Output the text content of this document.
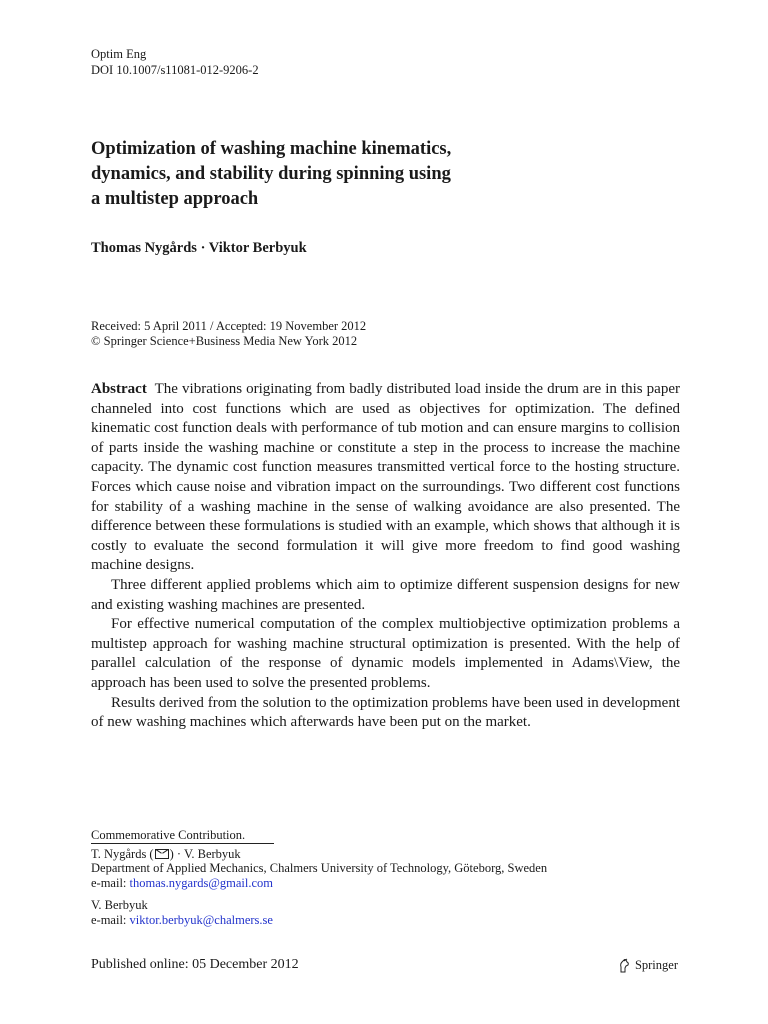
Optim Eng
DOI 10.1007/s11081-012-9206-2
Optimization of washing machine kinematics,
dynamics, and stability during spinning using
a multistep approach
Thomas Nygårds · Viktor Berbyuk
Received: 5 April 2011 / Accepted: 19 November 2012
© Springer Science+Business Media New York 2012

Abstract The vibrations originating from badly distributed load inside the drum are in this paper channeled into cost functions which are used as objectives for optimization. The defined kinematic cost function deals with performance of tub motion and can ensure margins to collision of parts inside the washing machine or constitute a step in the process to increase the machine capacity. The dynamic cost function measures transmitted vertical force to the hosting structure. Forces which cause noise and vibration impact on the surroundings. Two different cost functions for stability of a washing machine in the sense of walking avoidance are also presented. The difference between these formulations is studied with an example, which shows that although it is costly to evaluate the second formulation it will give more freedom to find good washing machine designs.

Three different applied problems which aim to optimize different suspension designs for new and existing washing machines are presented.

For effective numerical computation of the complex multiobjective optimization problems a multistep approach for washing machine structural optimization is presented. With the help of parallel calculation of the response of dynamic models implemented in Adams\View, the approach has been used to solve the presented problems.

Results derived from the solution to the optimization problems have been used in development of new washing machines which afterwards have been put on the market.

Commemorative Contribution.
T. Nygårds ( ) · V. Berbyuk
Department of Applied Mechanics, Chalmers University of Technology, Göteborg, Sweden
e-mail: thomas.nygards@gmail.com
V. Berbyuk
e-mail: viktor.berbyuk@chalmers.se
Published online: 05 December 2012	Springer
